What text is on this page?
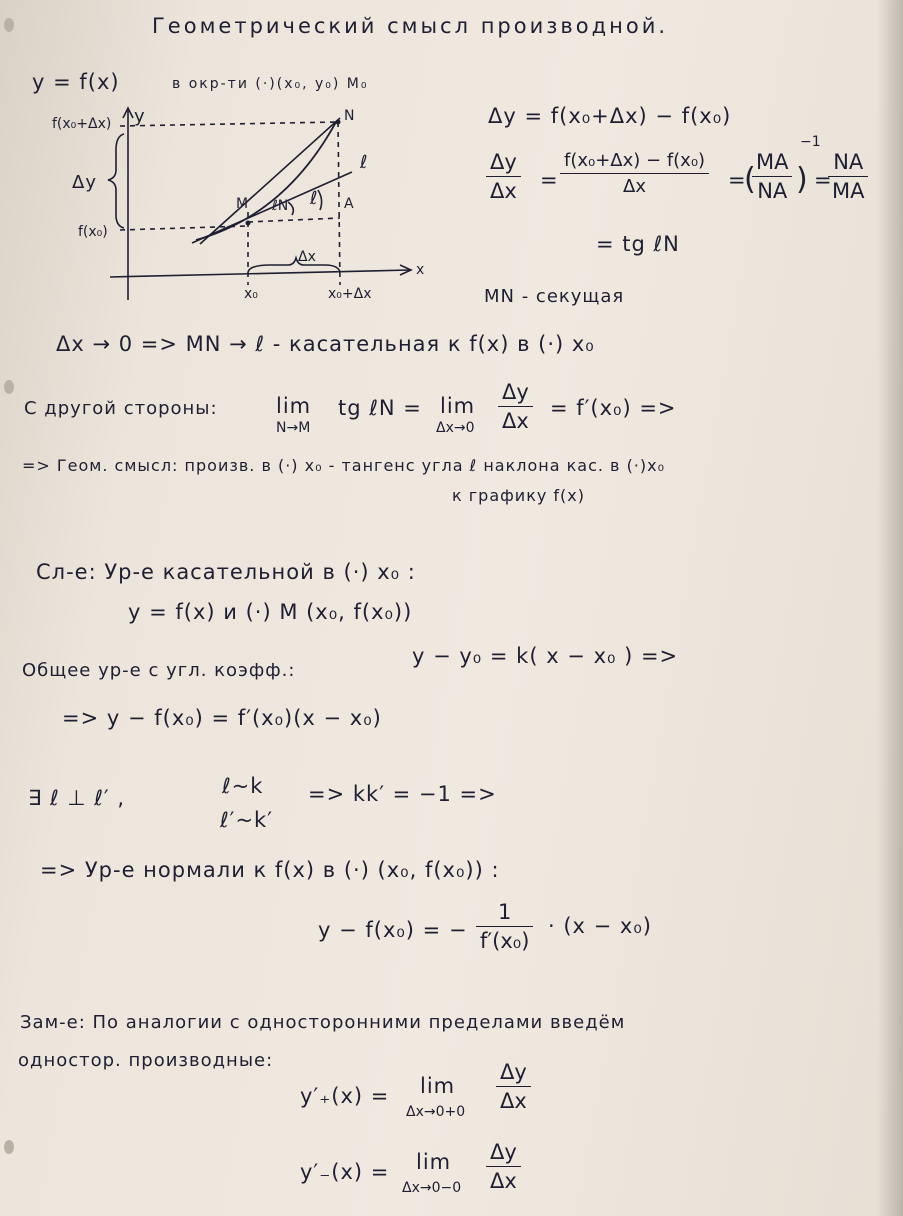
Геометрический смысл производной.
y = f(x)	в окр-ти (·)(x₀, y₀) M₀
f(x₀+Δx) y
Δy
f(x₀)
x₀	x₀+Δx
x
Δx
N
M	A
ℓ
ℓN ℓ
Δy = f(x₀+Δx) − f(x₀)
$\frac{\Delta y}{\Delta x} = \frac{\text{f(x₀+Δx) − f(x₀)}}{\Delta x}$ =
(
$\frac{MA}{NA}$ )
−1
=
$\frac{NA}{MA}$
= tg ℓN
MN - секущая
Δx → 0 => MN → ℓ - касательная к f(x) в (·) x₀
С другой стороны:	lim
N→M
tg ℓN = lim
$\Delta x\to 0 \frac{\Delta y}{\Delta x} = f'(x_0)$ =>
=> Геом. смысл: произв. в (·) x₀ - тангенс угла ℓ наклона кас. в (·)x₀
к графику f(x)
Сл-е: Ур-е касательной в (·) x₀ :
y = f(x) и (·) M (x₀, f(x₀))
Общее ур-е с угл. коэфф.:
y − y₀ = k( x − x₀ ) =>
=> y − f(x₀) = f′(x₀)(x − x₀)
∃ ℓ ⊥ ℓ′ ,	ℓ~k
ℓ′~k′
=> kk′ = −1 =>
=> Ур-е нормали к f(x) в (·) (x₀, f(x₀)) :
y − f(x₀) = − $\frac{1}{\text{f′(x₀)}} \cdot (x - x_0)$
Зам-е: По аналогии с односторонними пределами введём
одностор. производные:
y′₊(x) = lim
$\Delta x\to 0+0 \frac{\Delta y}{\Delta x}$
y′₋(x) = lim
$\Delta x\to 0-0 \frac{\Delta y}{\Delta x}$
